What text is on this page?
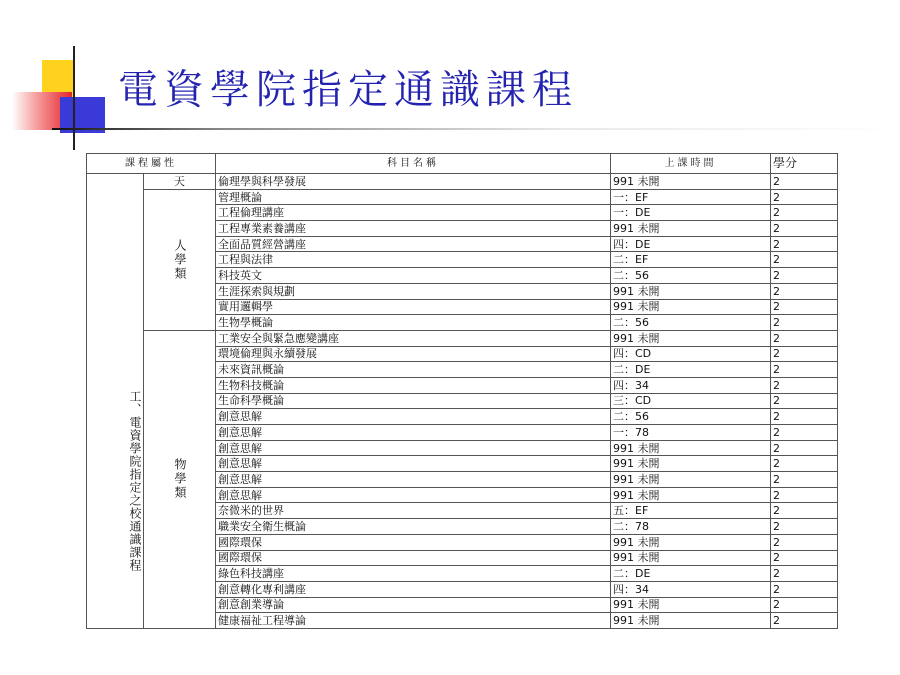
電資學院指定通識課程
課程屬性		科目名稱	上課時間	學分
工、電資學院指定之校通識課程	天	倫理學與科學發展	991 未開	2
	人學類	管理概論	一：EF	2
		工程倫理講座	一：DE	2
		工程專業素養講座	991 未開	2
		全面品質經營講座	四：DE	2
		工程與法律	二：EF	2
		科技英文	二：56	2
		生涯探索與規劃	991 未開	2
		實用邏輯學	991 未開	2
		生物學概論	二：56	2
	物學類	工業安全與緊急應變講座	991 未開	2
		環境倫理與永續發展	四：CD	2
		未來資訊概論	二：DE	2
		生物科技概論	四：34	2
		生命科學概論	三：CD	2
		創意思解	二：56	2
		創意思解	一：78	2
		創意思解	991 未開	2
		創意思解	991 未開	2
		創意思解	991 未開	2
		創意思解	991 未開	2
		奈微米的世界	五：EF	2
		職業安全衛生概論	二：78	2
		國際環保	991 未開	2
		國際環保	991 未開	2
		綠色科技講座	二：DE	2
		創意轉化專利講座	四：34	2
		創意創業導論	991 未開	2
		健康福祉工程導論	991 未開	2
